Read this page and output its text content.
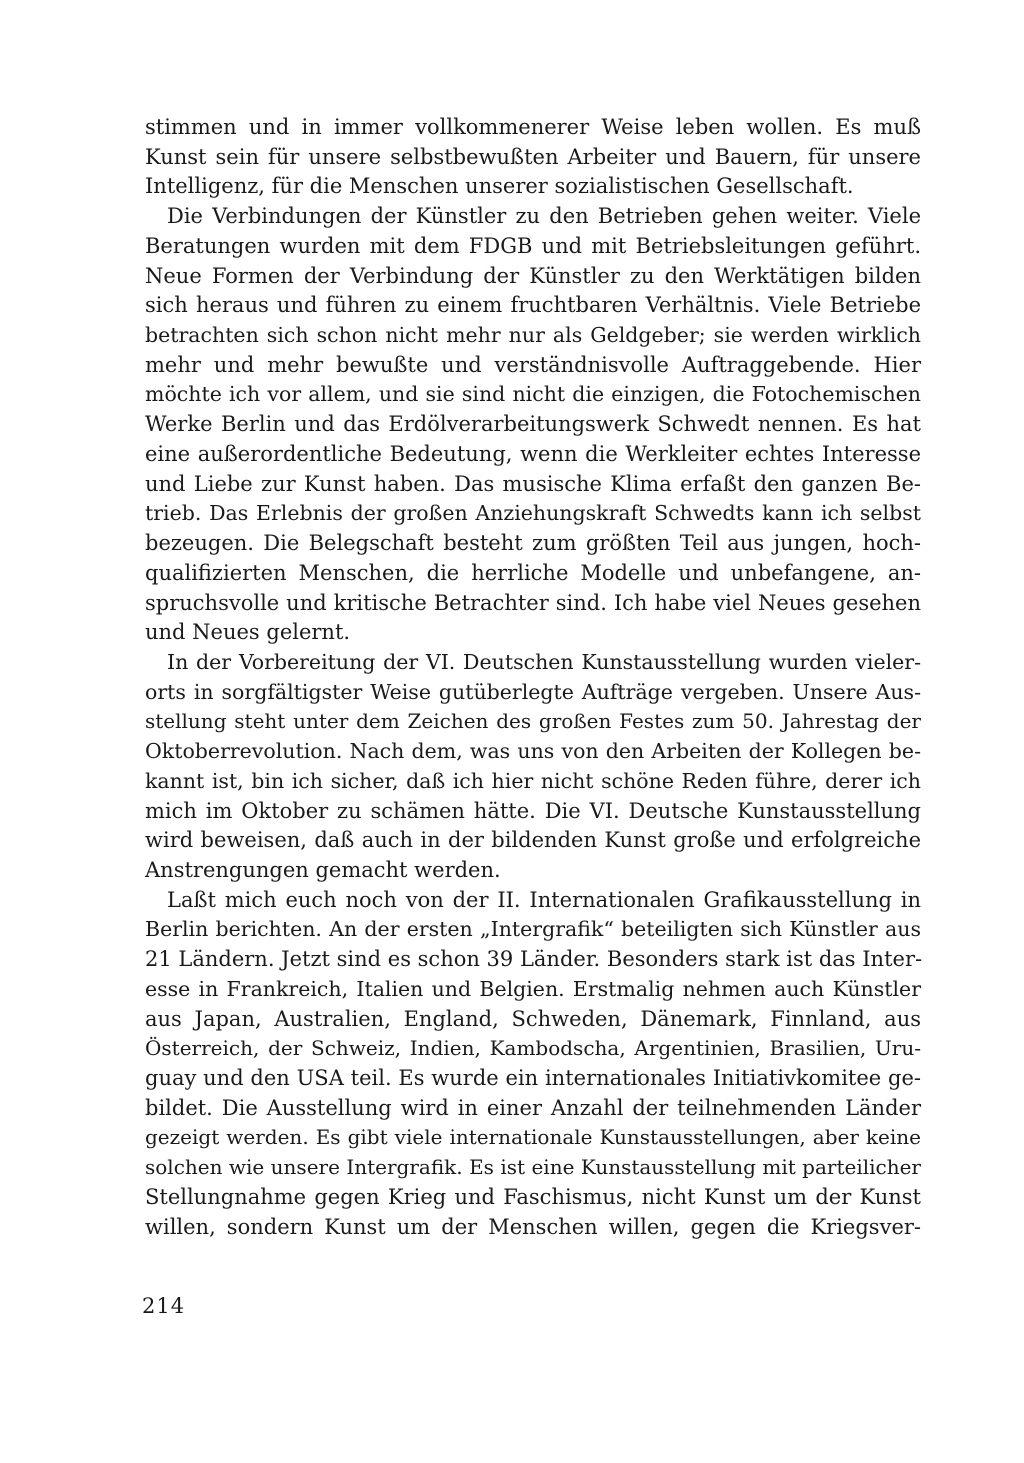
stimmen und in immer vollkommenerer Weise leben wollen. Es muß
Kunst sein für unsere selbstbewußten Arbeiter und Bauern, für unsere
Intelligenz, für die Menschen unserer sozialistischen Gesellschaft.
Die Verbindungen der Künstler zu den Betrieben gehen weiter. Viele
Beratungen wurden mit dem FDGB und mit Betriebsleitungen geführt.
Neue Formen der Verbindung der Künstler zu den Werktätigen bilden
sich heraus und führen zu einem fruchtbaren Verhältnis. Viele Betriebe
betrachten sich schon nicht mehr nur als Geldgeber; sie werden wirklich
mehr und mehr bewußte und verständnisvolle Auftraggebende. Hier
möchte ich vor allem, und sie sind nicht die einzigen, die Fotochemischen
Werke Berlin und das Erdölverarbeitungswerk Schwedt nennen. Es hat
eine außerordentliche Bedeutung, wenn die Werkleiter echtes Interesse
und Liebe zur Kunst haben. Das musische Klima erfaßt den ganzen Be-
trieb. Das Erlebnis der großen Anziehungskraft Schwedts kann ich selbst
bezeugen. Die Belegschaft besteht zum größten Teil aus jungen, hoch-
qualifizierten Menschen, die herrliche Modelle und unbefangene, an-
spruchsvolle und kritische Betrachter sind. Ich habe viel Neues gesehen
und Neues gelernt.
In der Vorbereitung der VI. Deutschen Kunstausstellung wurden vieler-
orts in sorgfältigster Weise gutüberlegte Aufträge vergeben. Unsere Aus-
stellung steht unter dem Zeichen des großen Festes zum 50. Jahrestag der
Oktoberrevolution. Nach dem, was uns von den Arbeiten der Kollegen be-
kannt ist, bin ich sicher, daß ich hier nicht schöne Reden führe, derer ich
mich im Oktober zu schämen hätte. Die VI. Deutsche Kunstausstellung
wird beweisen, daß auch in der bildenden Kunst große und erfolgreiche
Anstrengungen gemacht werden.
Laßt mich euch noch von der II. Internationalen Grafikausstellung in
Berlin berichten. An der ersten „Intergrafik“ beteiligten sich Künstler aus
21 Ländern. Jetzt sind es schon 39 Länder. Besonders stark ist das Inter-
esse in Frankreich, Italien und Belgien. Erstmalig nehmen auch Künstler
aus Japan, Australien, England, Schweden, Dänemark, Finnland, aus
Österreich, der Schweiz, Indien, Kambodscha, Argentinien, Brasilien, Uru-
guay und den USA teil. Es wurde ein internationales Initiativkomitee ge-
bildet. Die Ausstellung wird in einer Anzahl der teilnehmenden Länder
gezeigt werden. Es gibt viele internationale Kunstausstellungen, aber keine
solchen wie unsere Intergrafik. Es ist eine Kunstausstellung mit parteilicher
Stellungnahme gegen Krieg und Faschismus, nicht Kunst um der Kunst
willen, sondern Kunst um der Menschen willen, gegen die Kriegsver-
214
